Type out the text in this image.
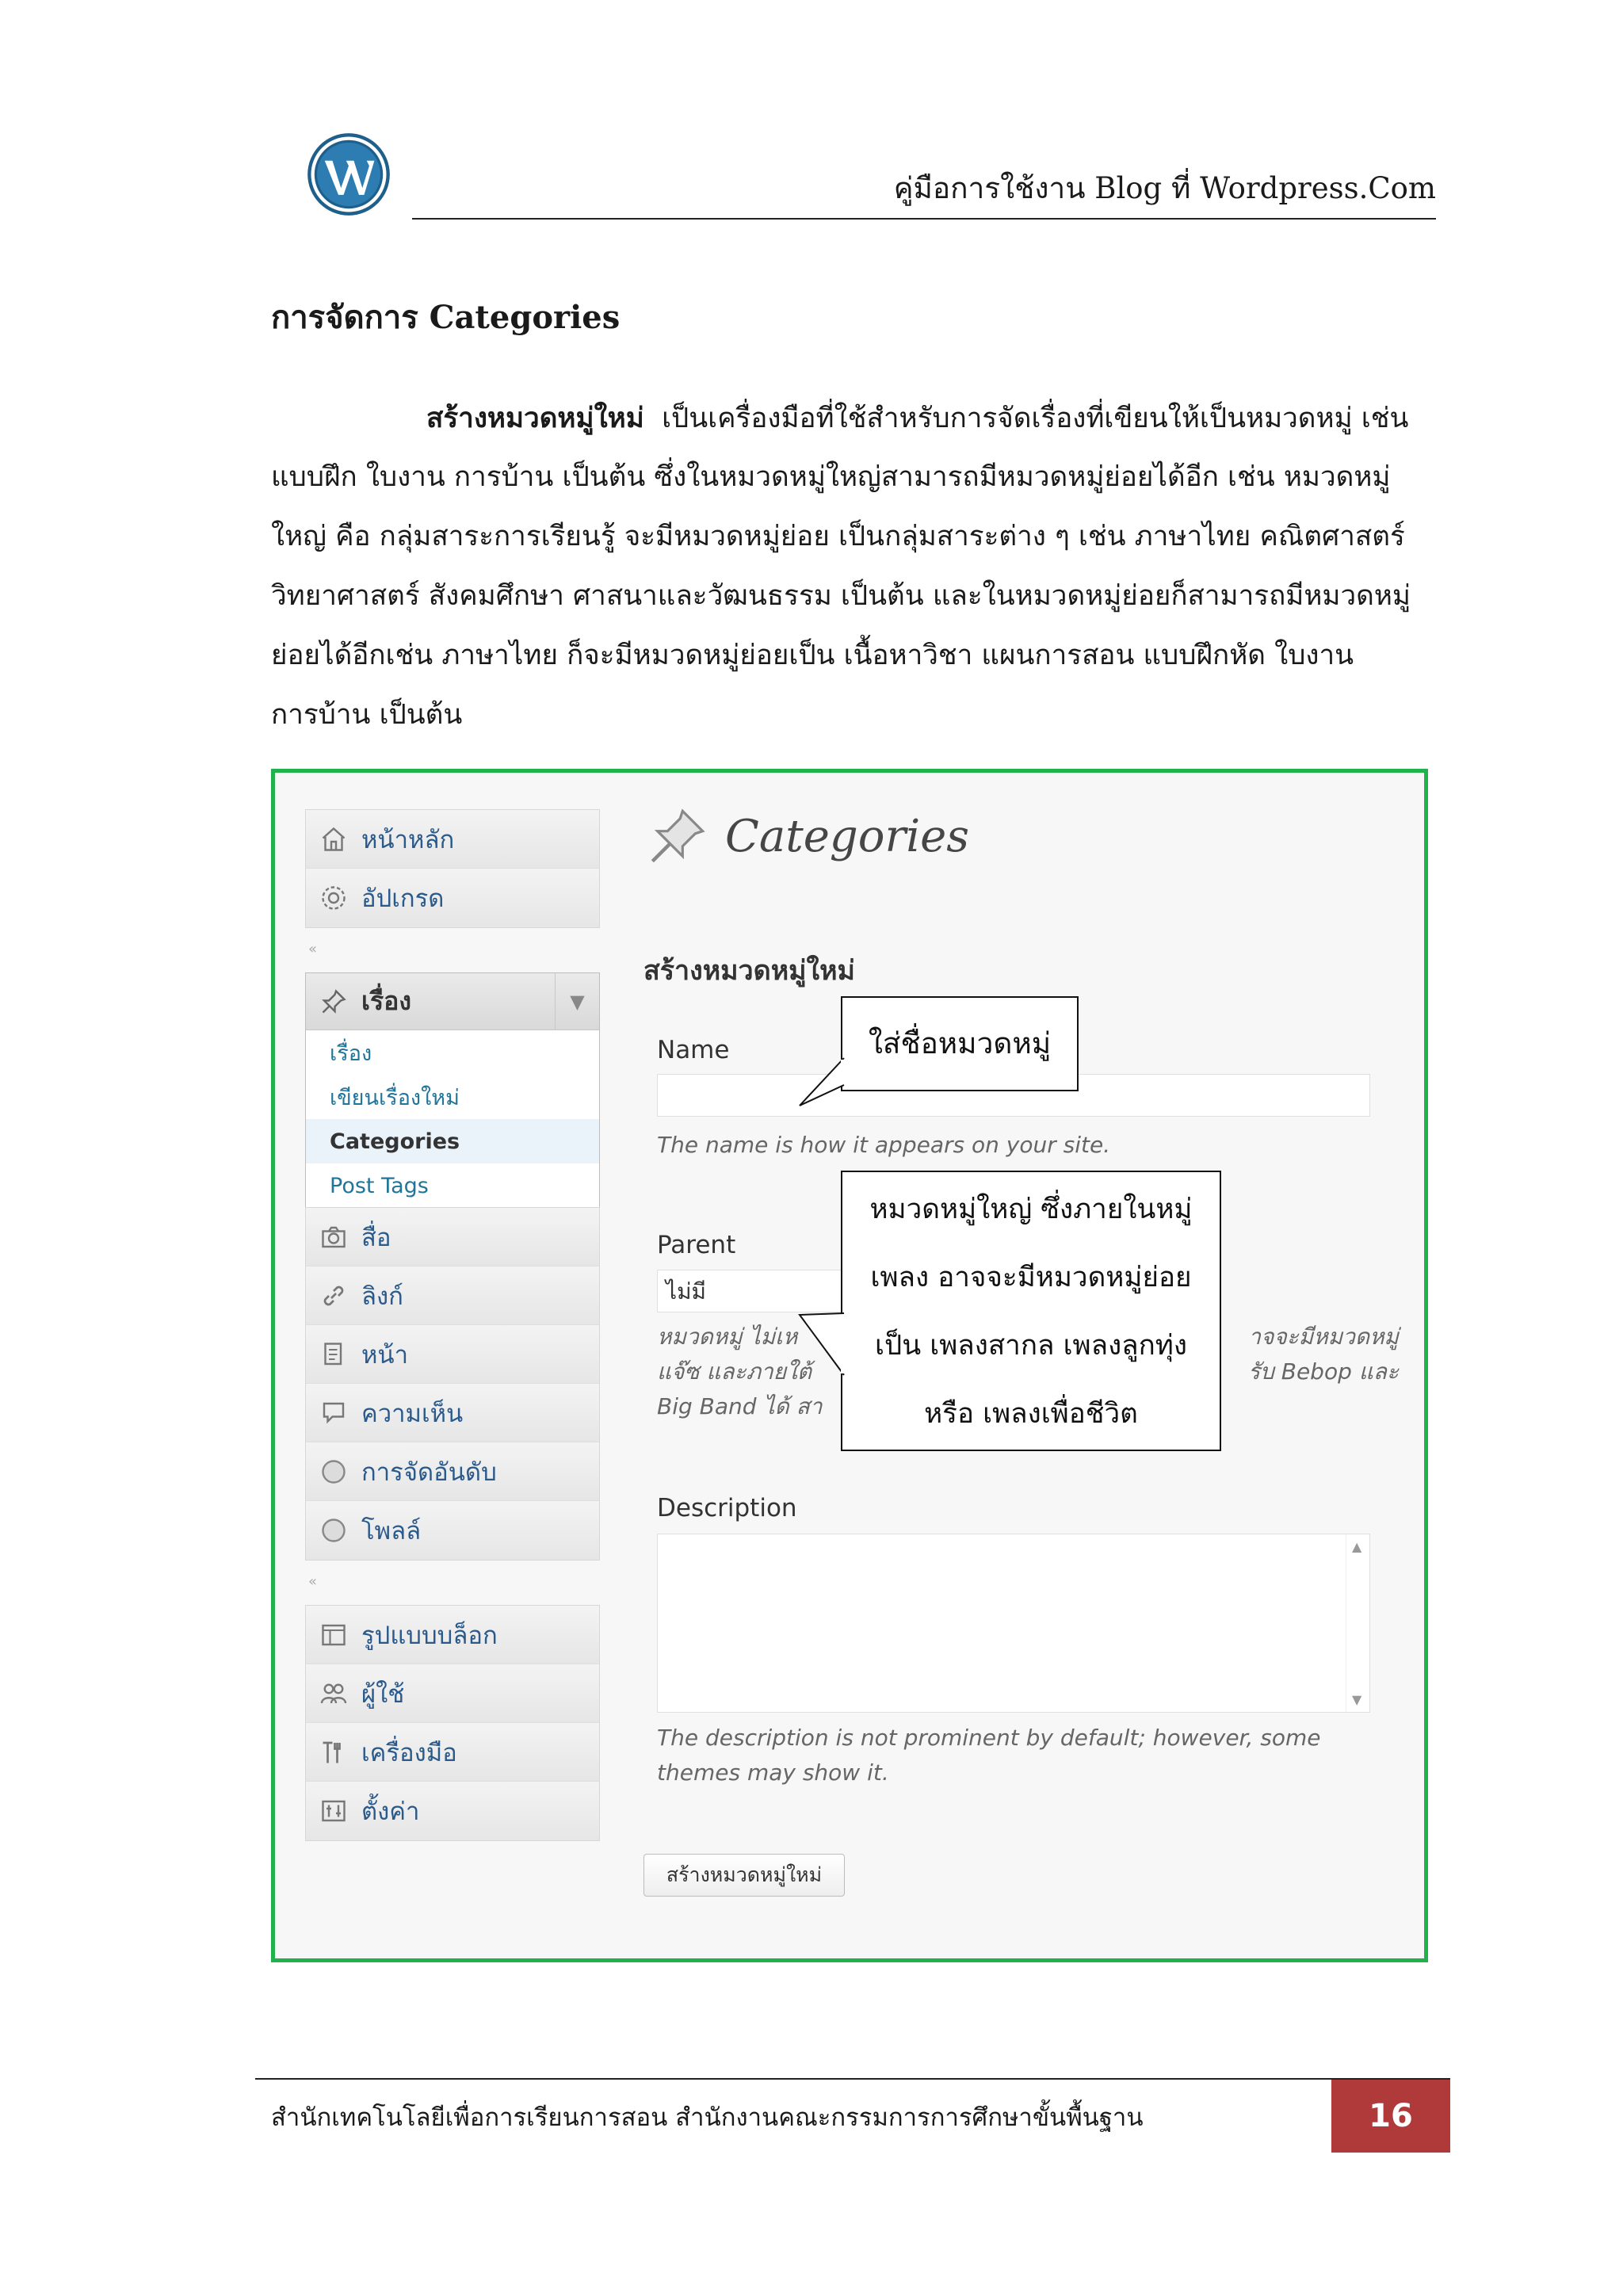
คู่มือการใช้งาน Blog ที่ Wordpress.Com
การจัดการ Categories
สร้างหมวดหมู่ใหม่ เป็นเครื่องมือที่ใช้สำหรับการจัดเรื่องที่เขียนให้เป็นหมวดหมู่ เช่น
แบบฝึก ใบงาน การบ้าน เป็นต้น ซึ่งในหมวดหมู่ใหญ่สามารถมีหมวดหมู่ย่อยได้อีก เช่น หมวดหมู่
ใหญ่ คือ กลุ่มสาระการเรียนรู้ จะมีหมวดหมู่ย่อย เป็นกลุ่มสาระต่าง ๆ เช่น ภาษาไทย คณิตศาสตร์
วิทยาศาสตร์ สังคมศึกษา ศาสนาและวัฒนธรรม เป็นต้น และในหมวดหมู่ย่อยก็สามารถมีหมวดหมู่
ย่อยได้อีกเช่น ภาษาไทย ก็จะมีหมวดหมู่ย่อยเป็น เนื้อหาวิชา แผนการสอน แบบฝึกหัด ใบงาน
การบ้าน เป็นต้น
หน้าหลัก
อัปเกรด
«
เรื่อง	▼
เรื่อง
เขียนเรื่องใหม่
Categories
Post Tags
สื่อ
ลิงก์
หน้า
ความเห็น
การจัดอันดับ
โพลล์
«
รูปแบบบล็อก
ผู้ใช้
เครื่องมือ
ตั้งค่า
Categories
สร้างหมวดหมู่ใหม่
Name
The name is how it appears on your site.
Parent
ไม่มี
หมวดหมู่ ไม่เห
แจ๊ซ และภายใต้
Big Band ได้ สา
าจจะมีหมวดหมู่
รับ Bebop และ
Description
▲
▼
The description is not prominent by default; however, some
themes may show it.
สร้างหมวดหมู่ใหม่
ใส่ชื่อหมวดหมู่
หมวดหมู่ใหญ่ ซึ่งภายในหมู่
เพลง อาจจะมีหมวดหมู่ย่อย
เป็น เพลงสากล เพลงลูกทุ่ง
หรือ เพลงเพื่อชีวิต
สำนักเทคโนโลยีเพื่อการเรียนการสอน สำนักงานคณะกรรมการการศึกษาขั้นพื้นฐาน	16
